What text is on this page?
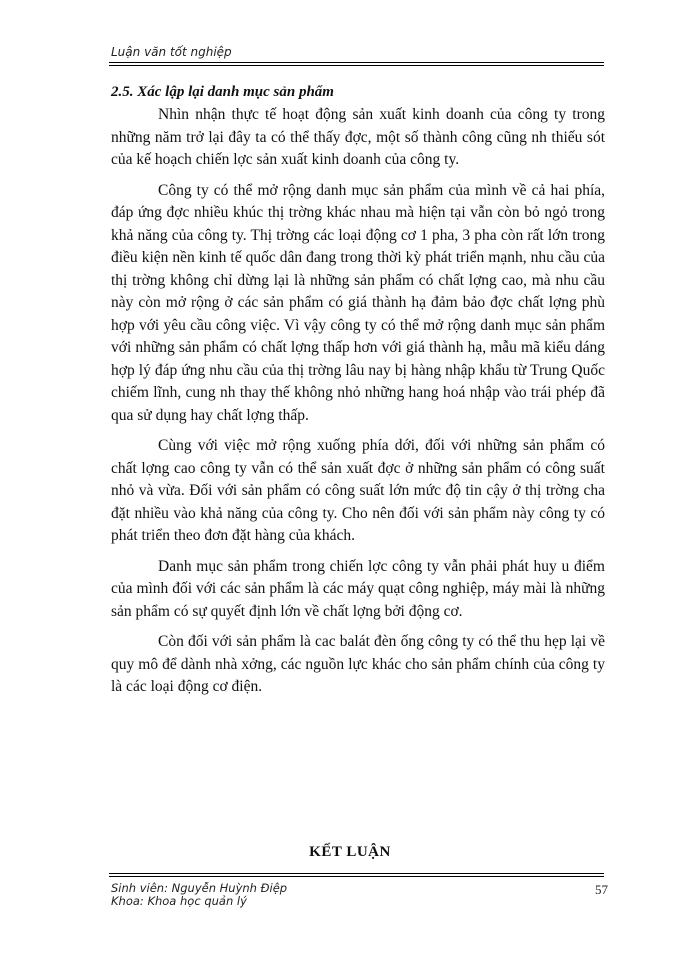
Luận văn tốt nghiệp
2.5. Xác lập lại danh mục sản phẩm

Nhìn nhận thực tế hoạt động sản xuất kinh doanh của công ty trong những năm trở lại đây ta có thể thấy đợc, một số thành công cũng nh thiếu sót của kế hoạch chiến lợc sản xuất kinh doanh của công ty.

Công ty có thể mở rộng danh mục sản phẩm của mình về cả hai phía, đáp ứng đợc nhiều khúc thị trờng khác nhau mà hiện tại vẫn còn bỏ ngỏ trong khả năng của công ty. Thị trờng các loại động cơ 1 pha, 3 pha còn rất lớn trong điều kiện nền kinh tế quốc dân đang trong thời kỳ phát triển mạnh, nhu cầu của thị trờng không chỉ dừng lại là những sản phẩm có chất lợng cao, mà nhu cầu này còn mở rộng ở các sản phẩm có giá thành hạ đảm bảo đợc chất lợng phù hợp với yêu cầu công việc. Vì vậy công ty có thể mở rộng danh mục sản phẩm với những sản phẩm có chất lợng thấp hơn với giá thành hạ, mẫu mã kiểu dáng hợp lý đáp ứng nhu cầu của thị trờng lâu nay bị hàng nhập khẩu từ Trung Quốc chiếm lĩnh, cung nh thay thế không nhỏ những hang hoá nhập vào trái phép đã qua sử dụng hay chất lợng thấp.

Cùng với việc mở rộng xuống phía dới, đối với những sản phẩm có chất lợng cao công ty vẫn có thể sản xuất đợc ở những sản phẩm có công suất nhỏ và vừa. Đối với sản phẩm có công suất lớn mức độ tin cậy ở thị trờng cha đặt nhiều vào khả năng của công ty. Cho nên đối với sản phẩm này công ty có phát triển theo đơn đặt hàng của khách.

Danh mục sản phẩm trong chiến lợc công ty vẫn phải phát huy u điểm của mình đối với các sản phẩm là các máy quạt công nghiệp, máy mài là những sản phẩm có sự quyết định lớn về chất lợng bởi động cơ.

Còn đối với sản phẩm là cac balát đèn ống công ty có thể thu hẹp lại về quy mô để dành nhà xởng, các nguồn lực khác cho sản phẩm chính của công ty là các loại động cơ điện.

KẾT LUẬN
Sinh viên: Nguyễn Huỳnh Điệp
Khoa: Khoa học quản lý
57
